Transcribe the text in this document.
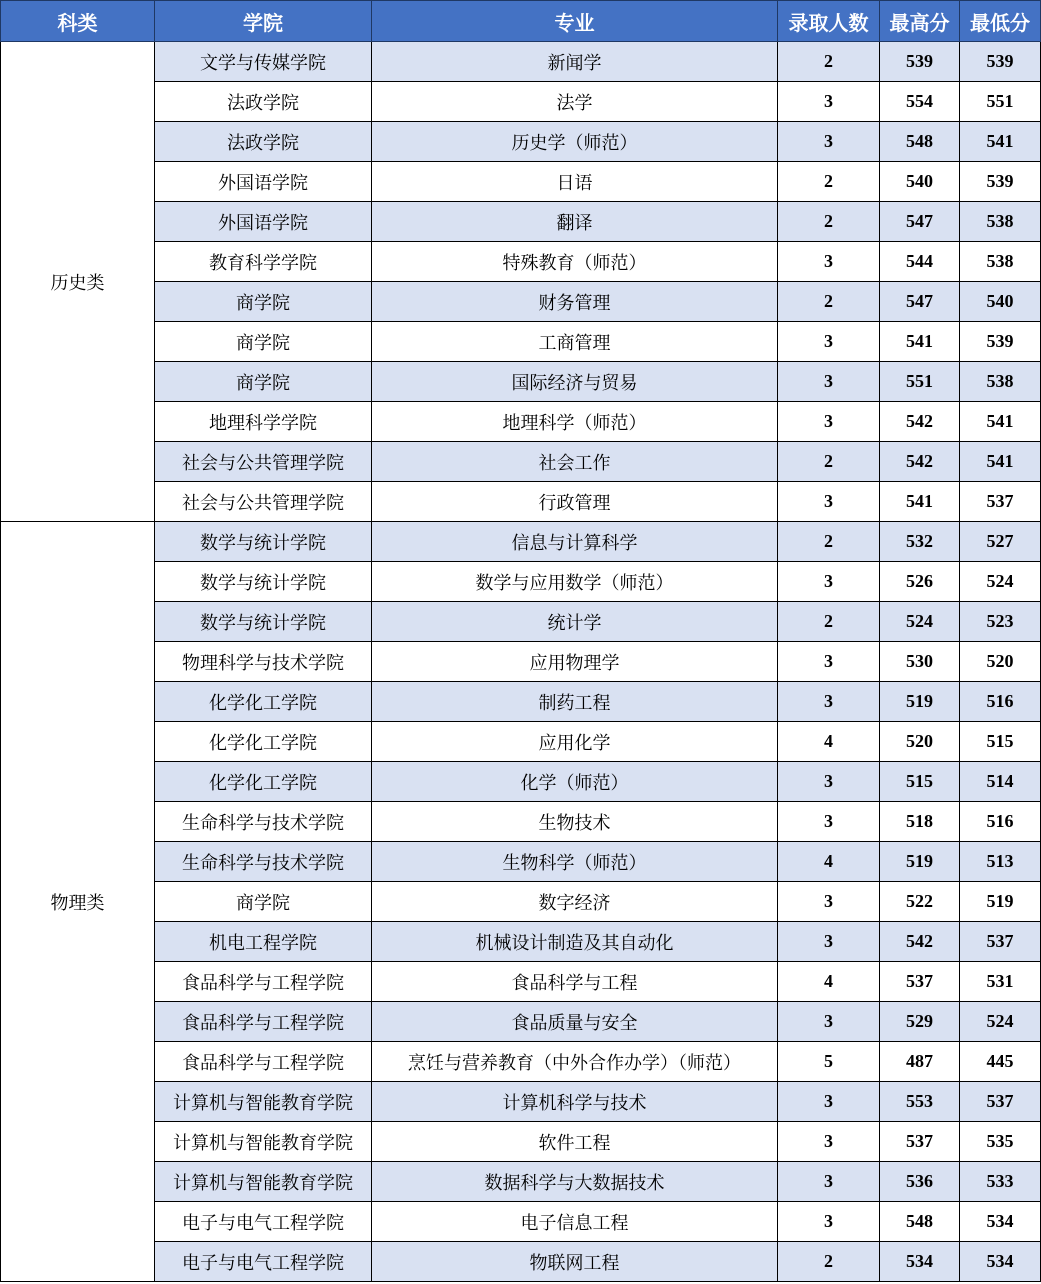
科类	学院	专业	录取人数	最高分	最低分
历史类	文学与传媒学院	新闻学	2	539	539
	法政学院	法学	3	554	551
	法政学院	历史学（师范）	3	548	541
	外国语学院	日语	2	540	539
	外国语学院	翻译	2	547	538
	教育科学学院	特殊教育（师范）	3	544	538
	商学院	财务管理	2	547	540
	商学院	工商管理	3	541	539
	商学院	国际经济与贸易	3	551	538
	地理科学学院	地理科学（师范）	3	542	541
	社会与公共管理学院	社会工作	2	542	541
	社会与公共管理学院	行政管理	3	541	537
物理类	数学与统计学院	信息与计算科学	2	532	527
	数学与统计学院	数学与应用数学（师范）	3	526	524
	数学与统计学院	统计学	2	524	523
	物理科学与技术学院	应用物理学	3	530	520
	化学化工学院	制药工程	3	519	516
	化学化工学院	应用化学	4	520	515
	化学化工学院	化学（师范）	3	515	514
	生命科学与技术学院	生物技术	3	518	516
	生命科学与技术学院	生物科学（师范）	4	519	513
	商学院	数字经济	3	522	519
	机电工程学院	机械设计制造及其自动化	3	542	537
	食品科学与工程学院	食品科学与工程	4	537	531
	食品科学与工程学院	食品质量与安全	3	529	524
	食品科学与工程学院	烹饪与营养教育（中外合作办学）（师范）	5	487	445
	计算机与智能教育学院	计算机科学与技术	3	553	537
	计算机与智能教育学院	软件工程	3	537	535
	计算机与智能教育学院	数据科学与大数据技术	3	536	533
	电子与电气工程学院	电子信息工程	3	548	534
	电子与电气工程学院	物联网工程	2	534	534
